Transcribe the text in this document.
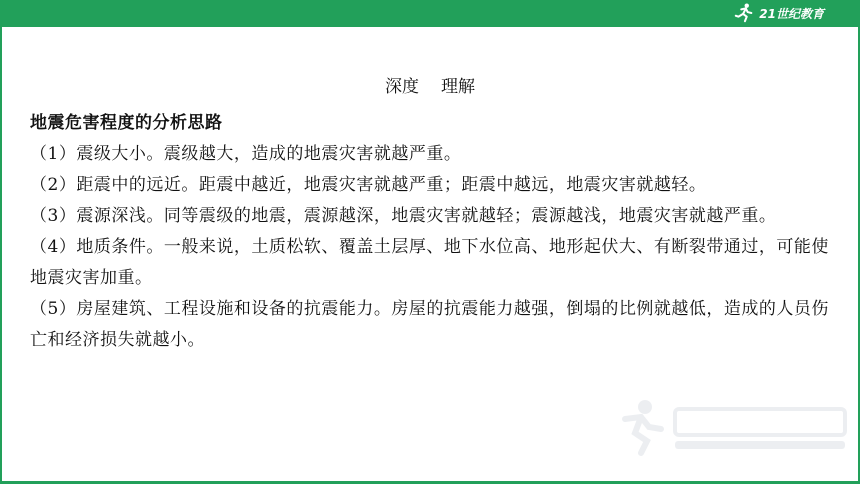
21世纪教育
深度 理解

地震危害程度的分析思路

（1）震级大小。震级越大，造成的地震灾害就越严重。

（2）距震中的远近。距震中越近，地震灾害就越严重；距震中越远，地震灾害就越轻。

（3）震源深浅。同等震级的地震，震源越深，地震灾害就越轻；震源越浅，地震灾害就越严重。

（4）地质条件。一般来说，土质松软、覆盖土层厚、地下水位高、地形起伏大、有断裂带通过，可能使地震灾害加重。

（5）房屋建筑、工程设施和设备的抗震能力。房屋的抗震能力越强，倒塌的比例就越低，造成的人员伤亡和经济损失就越小。
